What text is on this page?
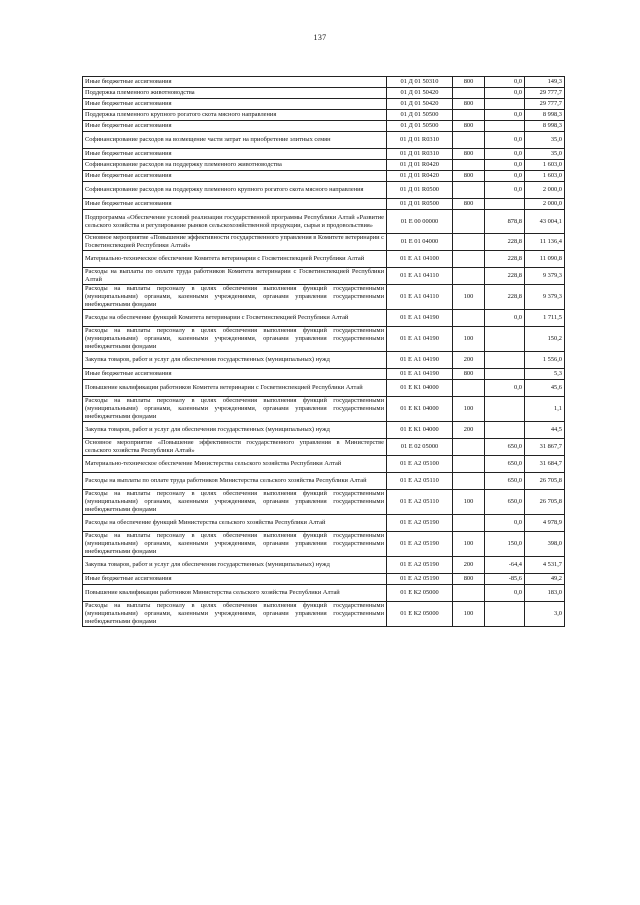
137
Иные бюджетные ассигнования	01 Д 01 50310	800	0,0	149,3
Поддержка племенного животноводства	01 Д 01 50420		0,0	29 777,7
Иные бюджетные ассигнования	01 Д 01 50420	800		29 777,7
Поддержка племенного крупного рогатого скота мясного направления	01 Д 01 50500		0,0	8 998,3
Иные бюджетные ассигнования	01 Д 01 50500	800		8 998,3
Софинансирование расходов на возмещение части затрат на приобретение элитных семян	01 Д 01 R0310		0,0	35,0
Иные бюджетные ассигнования	01 Д 01 R0310	800	0,0	35,0
Софинансирование расходов на поддержку племенного животноводства	01 Д 01 R0420		0,0	1 603,0
Иные бюджетные ассигнования	01 Д 01 R0420	800	0,0	1 603,0
Софинансирование расходов на поддержку племенного крупного рогатого скота мясного направления	01 Д 01 R0500		0,0	2 000,0
Иные бюджетные ассигнования	01 Д 01 R0500	800		2 000,0
Подпрограмма «Обеспечение условий реализации государственной программы Республики Алтай «Развитие сельского хозяйства и регулирование рынков сельскохозяйственной продукции, сырья и продовольствия»	01 Е 00 00000		878,8	43 004,1
Основное мероприятие «Повышение эффективности государственного управления в Комитете ветеринарии с Госветинспекцией Республики Алтай»	01 Е 01 04000		228,8	11 136,4
Материально-техническое обеспечение Комитета ветеринарии с Госветинспекцией Республики Алтай	01 Е А1 04100		228,8	11 090,8
Расходы на выплаты по оплате труда работников Комитета ветеринарии с Госветинспекцией Республики Алтай	01 Е А1 04110		228,8	9 379,3
Расходы на выплаты персоналу в целях обеспечения выполнения функций государственными (муниципальными) органами, казенными учреждениями, органами управления государственными внебюджетными фондами	01 Е А1 04110	100	228,8	9 379,3
Расходы на обеспечение функций Комитета ветеринарии с Госветинспекцией Республики Алтай	01 Е А1 04190		0,0	1 711,5
Расходы на выплаты персоналу в целях обеспечения выполнения функций государственными (муниципальными) органами, казенными учреждениями, органами управления государственными внебюджетными фондами	01 Е А1 04190	100		150,2
Закупка товаров, работ и услуг для обеспечения государственных (муниципальных) нужд	01 Е А1 04190	200		1 556,0
Иные бюджетные ассигнования	01 Е А1 04190	800		5,3
Повышение квалификации работников Комитета ветеринарии с Госветинспекцией Республики Алтай	01 Е К1 04000		0,0	45,6
Расходы на выплаты персоналу в целях обеспечения выполнения функций государственными (муниципальными) органами, казенными учреждениями, органами управления государственными внебюджетными фондами	01 Е К1 04000	100		1,1
Закупка товаров, работ и услуг для обеспечения государственных (муниципальных) нужд	01 Е К1 04000	200		44,5
Основное мероприятие «Повышение эффективности государственного управления в Министерстве сельского хозяйства Республики Алтай»	01 Е 02 05000		650,0	31 867,7
Материально-техническое обеспечение Министерства сельского хозяйства Республики Алтай	01 Е А2 05100		650,0	31 684,7
Расходы на выплаты по оплате труда работников Министерства сельского хозяйства Республики Алтай	01 Е А2 05110		650,0	26 705,8
Расходы на выплаты персоналу в целях обеспечения выполнения функций государственными (муниципальными) органами, казенными учреждениями, органами управления государственными внебюджетными фондами	01 Е А2 05110	100	650,0	26 705,8
Расходы на обеспечение функций Министерства сельского хозяйства Республики Алтай	01 Е А2 05190		0,0	4 978,9
Расходы на выплаты персоналу в целях обеспечения выполнения функций государственными (муниципальными) органами, казенными учреждениями, органами управления государственными внебюджетными фондами	01 Е А2 05190	100	150,0	398,0
Закупка товаров, работ и услуг для обеспечения государственных (муниципальных) нужд	01 Е А2 05190	200	-64,4	4 531,7
Иные бюджетные ассигнования	01 Е А2 05190	800	-85,6	49,2
Повышение квалификации работников Министерства сельского хозяйства Республики Алтай	01 Е К2 05000		0,0	183,0
Расходы на выплаты персоналу в целях обеспечения выполнения функций государственными (муниципальными) органами, казенными учреждениями, органами управления государственными внебюджетными фондами	01 Е К2 05000	100		3,0
